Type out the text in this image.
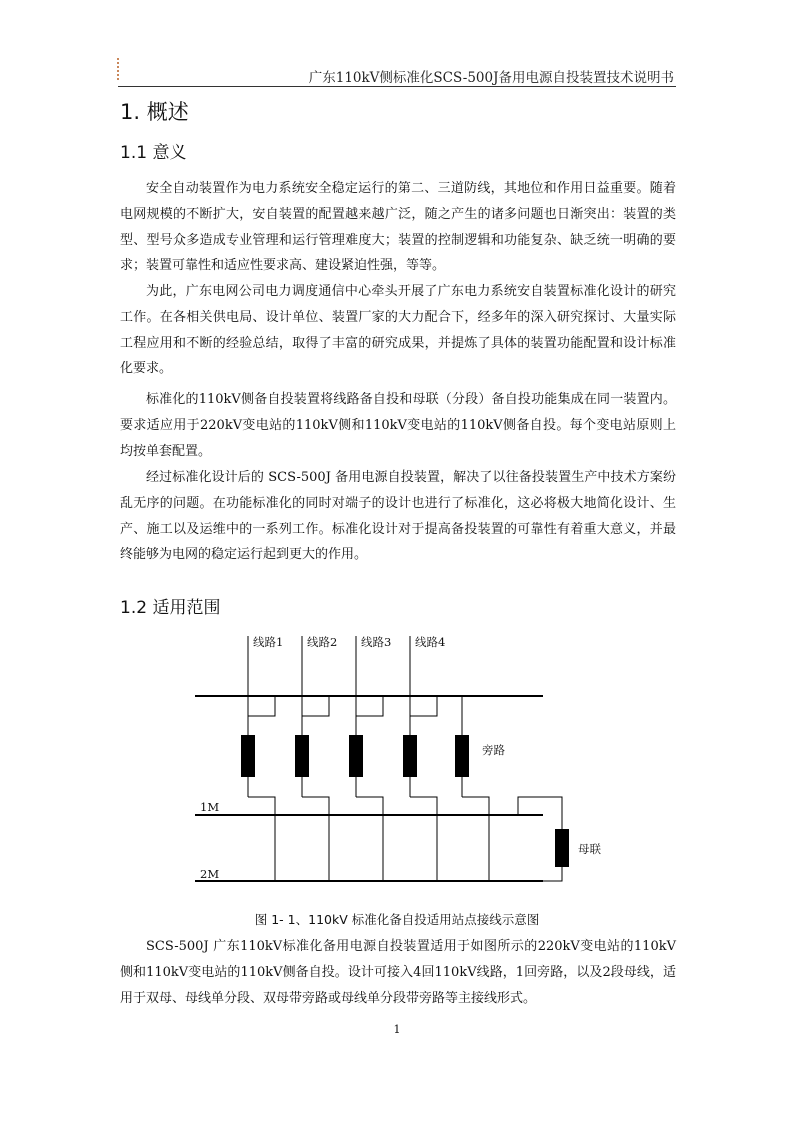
广东110kV侧标准化SCS-500J备用电源自投装置技术说明书
1. 概述
1.1 意义

安全自动装置作为电力系统安全稳定运行的第二、三道防线，其地位和作用日益重要。随着电网规模的不断扩大，安自装置的配置越来越广泛，随之产生的诸多问题也日渐突出：装置的类型、型号众多造成专业管理和运行管理难度大；装置的控制逻辑和功能复杂、缺乏统一明确的要求；装置可靠性和适应性要求高、建设紧迫性强，等等。

为此，广东电网公司电力调度通信中心牵头开展了广东电力系统安自装置标准化设计的研究工作。在各相关供电局、设计单位、装置厂家的大力配合下，经多年的深入研究探讨、大量实际工程应用和不断的经验总结，取得了丰富的研究成果，并提炼了具体的装置功能配置和设计标准化要求。

标准化的110kV侧备自投装置将线路备自投和母联（分段）备自投功能集成在同一装置内。要求适应用于220kV变电站的110kV侧和110kV变电站的110kV侧备自投。每个变电站原则上均按单套配置。

经过标准化设计后的 SCS-500J 备用电源自投装置，解决了以往备投装置生产中技术方案纷乱无序的问题。在功能标准化的同时对端子的设计也进行了标准化，这必将极大地简化设计、生产、施工以及运维中的一系列工作。标准化设计对于提高备投装置的可靠性有着重大意义，并最终能够为电网的稳定运行起到更大的作用。

1.2 适用范围
线路1 线路2 线路3 线路4
旁路
1M
2M
母联
图 1- 1、110kV 标准化备自投适用站点接线示意图

SCS-500J 广东110kV标准化备用电源自投装置适用于如图所示的220kV变电站的110kV侧和110kV变电站的110kV侧备自投。设计可接入4回110kV线路，1回旁路，以及2段母线，适用于双母、母线单分段、双母带旁路或母线单分段带旁路等主接线形式。

1
